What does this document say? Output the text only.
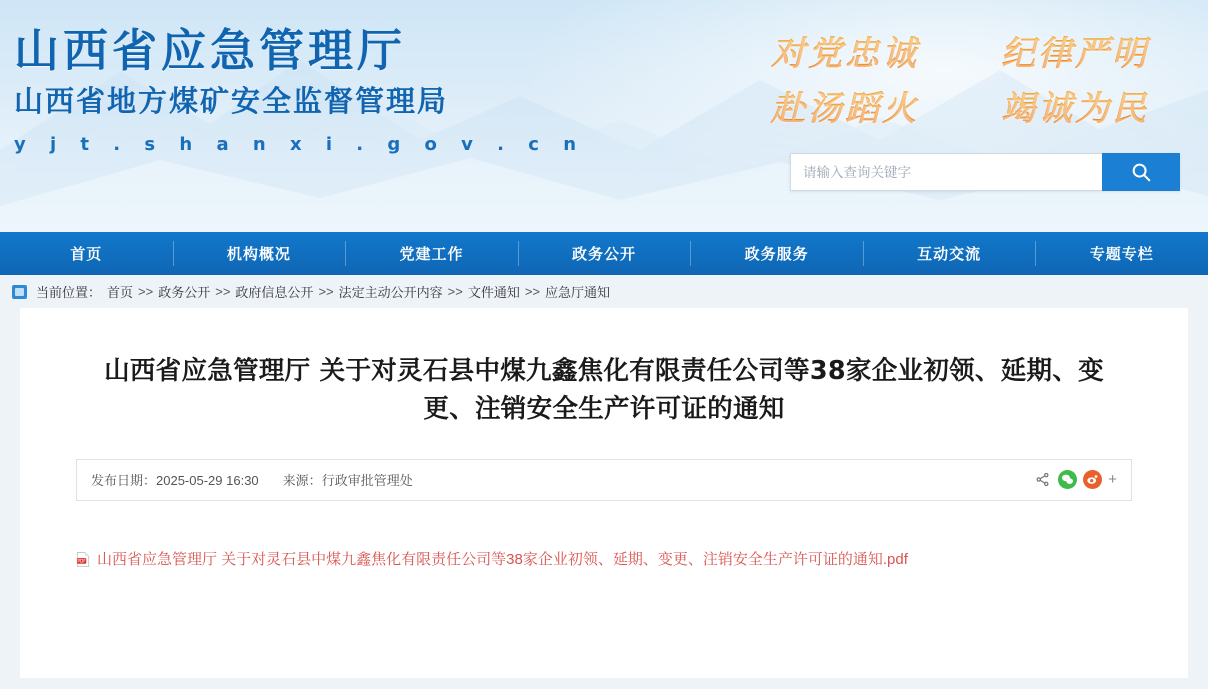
山西省应急管理厅
山西省地方煤矿安全监督管理局
y j t . s h a n x i . g o v . c n
对党忠诚	纪律严明
赴汤蹈火	竭诚为民
请输入查询关键字
首页	机构概况	党建工作	政务公开	政务服务	互动交流	专题专栏
当前位置： 首页 >> 政务公开 >> 政府信息公开 >> 法定主动公开内容 >> 文件通知 >> 应急厅通知
山西省应急管理厅 关于对灵石县中煤九鑫焦化有限责任公司等38家企业初领、延期、变更、注销安全生产许可证的通知
发布日期：2025-05-29 16:30 来源：行政审批管理处	+
PDF 山西省应急管理厅 关于对灵石县中煤九鑫焦化有限责任公司等38家企业初领、延期、变更、注销安全生产许可证的通知.pdf
